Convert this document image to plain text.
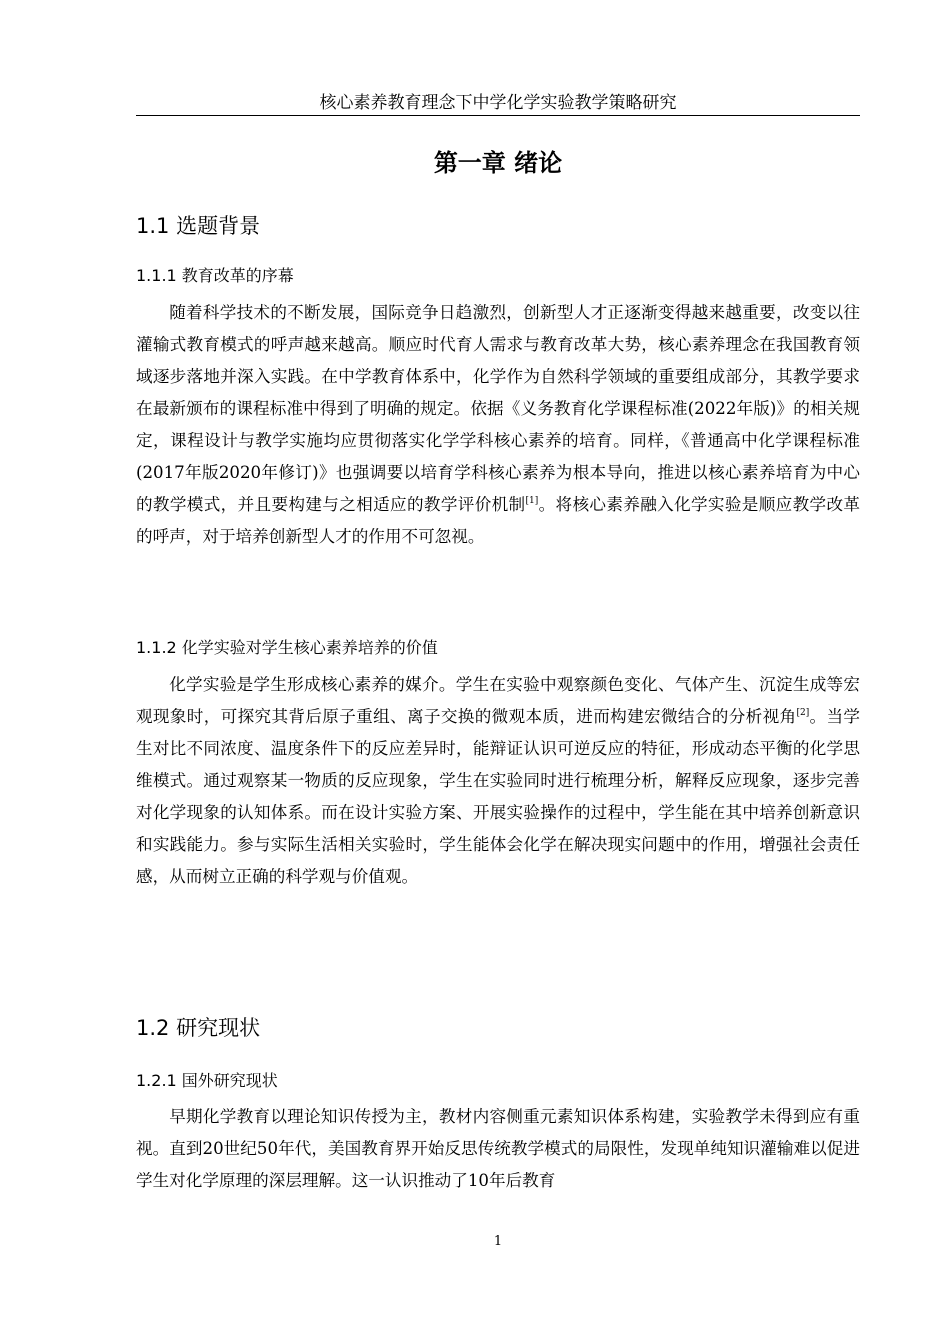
核心素养教育理念下中学化学实验教学策略研究
第一章 绪论
1.1 选题背景
1.1.1 教育改革的序幕

随着科学技术的不断发展，国际竞争日趋激烈，创新型人才正逐渐变得越来越重要，改变以往灌输式教育模式的呼声越来越高。顺应时代育人需求与教育改革大势，核心素养理念在我国教育领域逐步落地并深入实践。在中学教育体系中，化学作为自然科学领域的重要组成部分，其教学要求在最新颁布的课程标准中得到了明确的规定。依据《义务教育化学课程标准(2022年版)》的相关规定，课程设计与教学实施均应贯彻落实化学学科核心素养的培育。同样，《普通高中化学课程标准(2017年版2020年修订)》也强调要以培育学科核心素养为根本导向，推进以核心素养培育为中心的教学模式，并且要构建与之相适应的教学评价机制[1]。将核心素养融入化学实验是顺应教学改革的呼声，对于培养创新型人才的作用不可忽视。

1.1.2 化学实验对学生核心素养培养的价值

化学实验是学生形成核心素养的媒介。学生在实验中观察颜色变化、气体产生、沉淀生成等宏观现象时，可探究其背后原子重组、离子交换的微观本质，进而构建宏微结合的分析视角[2]。当学生对比不同浓度、温度条件下的反应差异时，能辩证认识可逆反应的特征，形成动态平衡的化学思维模式。通过观察某一物质的反应现象，学生在实验同时进行梳理分析，解释反应现象，逐步完善对化学现象的认知体系。而在设计实验方案、开展实验操作的过程中，学生能在其中培养创新意识和实践能力。参与实际生活相关实验时，学生能体会化学在解决现实问题中的作用，增强社会责任感，从而树立正确的科学观与价值观。

1.2 研究现状
1.2.1 国外研究现状

早期化学教育以理论知识传授为主，教材内容侧重元素知识体系构建，实验教学未得到应有重视。直到20世纪50年代，美国教育界开始反思传统教学模式的局限性，发现单纯知识灌输难以促进学生对化学原理的深层理解。这一认识推动了10年后教育

1
